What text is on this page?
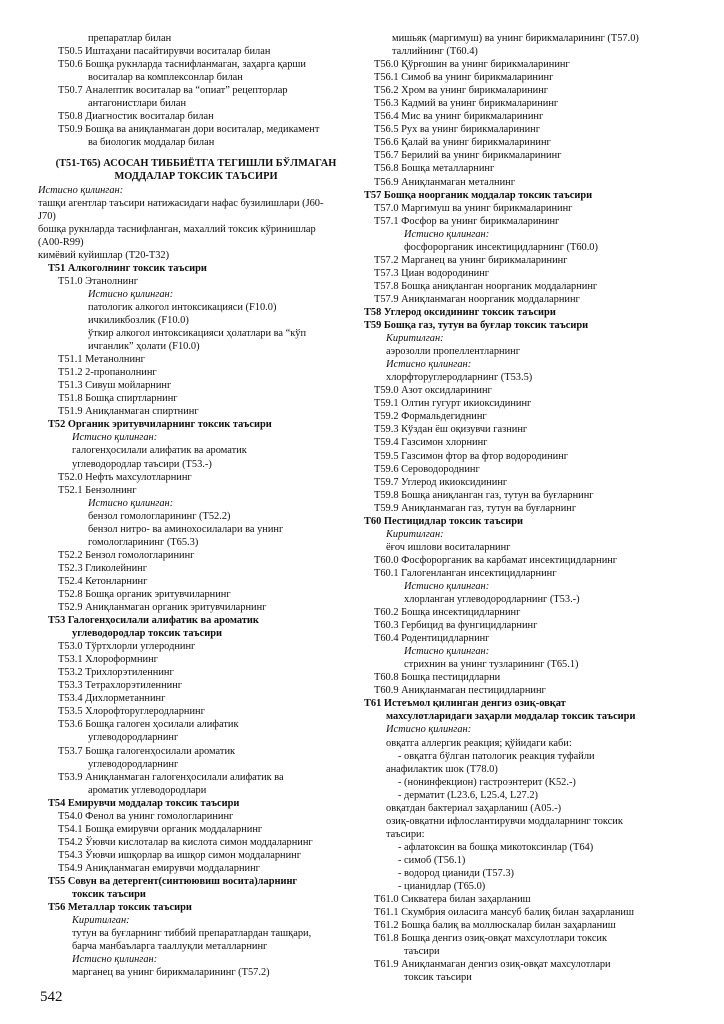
препаратлар билан
T50.5 Иштаҳани пасайтирувчи воситалар билан
T50.6 Бошқа рукнларда таснифланмаган, заҳарга қарши
воситалар ва комплексонлар билан
T50.7 Аналептик воситалар ва “опиат” рецепторлар
антагонистлари билан
T50.8 Диагностик воситалар билан
T50.9 Бошқа ва аниқланмаган дори воситалар, медикамент
ва биологик моддалар билан
(T51-T65) АСОСАН ТИББИЁТГА ТЕГИШЛИ БЎЛМАГАН
МОДДАЛАР ТОКСИК ТАЪСИРИ
Истисно қилинган:
ташқи агентлар таъсири натижасидаги нафас бузилишлари (J60-
J70)
бошқа рукнларда таснифланган, махаллий токсик кўринишлар
(A00-R99)
кимёвий куйишлар (T20-T32)
T51 Алкоголнинг токсик таъсири
T51.0 Этанолнинг
Истисно қилинган:
патологик алкогол интоксикацияси (F10.0)
ичкиликбозлик (F10.0)
ўткир алкогол интоксикацияси ҳолатлари ва “кўп
ичганлик” ҳолати (F10.0)
T51.1 Метанолнинг
T51.2 2-пропанолнинг
T51.3 Сивуш мойларнинг
T51.8 Бошқа спиртларнинг
T51.9 Аниқланмаган спиртнинг
T52 Органик эритувчиларнинг токсик таъсири
Истисно қилинган:
галогенҳосилали алифатик ва ароматик
углеводородлар таъсири (T53.-)
T52.0 Нефть махсулотларнинг
T52.1 Бензолнинг
Истисно қилинган:
бензол гомологларининг (T52.2)
бензол нитро- ва аминохосилалари ва унинг
гомологларининг (T65.3)
T52.2 Бензол гомологларининг
T52.3 Гликолейнинг
T52.4 Кетонларнинг
T52.8 Бошқа органик эритувчиларнинг
T52.9 Аниқланмаган органик эритувчиларнинг
T53 Галогенҳосилали алифатик ва ароматик
углеводородлар токсик таъсири
T53.0 Тўртхлорли углероднинг
T53.1 Хлороформнинг
T53.2 Трихлорэтиленнинг
T53.3 Тетрахлорэтиленнинг
T53.4 Дихлорметаннинг
T53.5 Хлорофторуглеродларнинг
T53.6 Бошқа галоген ҳосилали алифатик
углеводородларнинг
T53.7 Бошқа галогенҳосилали ароматик
углеводородларнинг
T53.9 Аниқланмаган галогенҳосилали алифатик ва
ароматик углеводородлари
T54 Емирувчи моддалар токсик таъсири
T54.0 Фенол ва унинг гомологларининг
T54.1 Бошқа емирувчи органик моддаларнинг
T54.2 Ўювчи кислоталар ва кислота симон моддаларнинг
T54.3 Ўювчи ишқорлар ва ишқор симон моддаларнинг
T54.9 Аниқланмаган емирувчи моддаларнинг
T55 Совун ва детергент(синтюювиш восита)ларнинг
токсик таъсири
T56 Металлар токсик таъсири
Киритилган:
тутун ва буғларнинг тиббий препаратлардан ташқари,
барча манбаъларга тааллуқли металларнинг
Истисно қилинган:
марганец ва унинг бирикмаларининг (T57.2)
мишьяк (маргимуш) ва унинг бирикмаларининг (T57.0)
таллийнинг (T60.4)
T56.0 Қўрғошин ва унинг бирикмаларининг
T56.1 Симоб ва унинг бирикмаларининг
T56.2 Хром ва унинг бирикмаларининг
T56.3 Кадмий ва унинг бирикмаларининг
T56.4 Мис ва унинг бирикмаларининг
T56.5 Рух ва унинг бирикмаларининг
T56.6 Қалай ва унинг бирикмаларининг
T56.7 Берилий ва унинг бирикмаларининг
T56.8 Бошқа металларнинг
T56.9 Аниқланмаган металнинг
T57 Бошқа ноорганик моддалар токсик таъсири
T57.0 Маргимуш ва унинг бирикмаларининг
T57.1 Фосфор ва унинг бирикмаларининг
Истисно қилинган:
фосфорорганик инсектицидларнинг (T60.0)
T57.2 Марганец ва унинг бирикмаларининг
T57.3 Циан водородининг
T57.8 Бошқа аниқланган ноорганик моддаларнинг
T57.9 Аниқланмаган ноорганик моддаларнинг
T58 Углерод оксидининг токсик таъсири
T59 Бошқа газ, тутун ва буғлар токсик таъсири
Киритилган:
аэрозолли пропеллентларнинг
Истисно қилинган:
хлорфторуглеродларнинг (T53.5)
T59.0 Азот оксидларининг
T59.1 Олтин гугурт икиоксидининг
T59.2 Формальдегиднинг
T59.3 Кўздан ёш оқизувчи газнинг
T59.4 Газсимон хлорнинг
T59.5 Газсимон фтор ва фтор водородининг
T59.6 Сероводороднинг
T59.7 Углерод икиоксидининг
T59.8 Бошқа аниқланган газ, тутун ва буғларнинг
T59.9 Аниқланмаган газ, тутун ва буғларнинг
T60 Пестицидлар токсик таъсири
Киритилган:
ёғоч ишлови воситаларнинг
T60.0 Фосфорорганик ва карбамат инсектицидларнинг
T60.1 Галогенланган инсектицидларнинг
Истисно қилинган:
хлорланган углеводородларнинг (T53.-)
T60.2 Бошқа инсектицидларнинг
T60.3 Гербицид ва фунгицидларнинг
T60.4 Родентицидларнинг
Истисно қилинган:
стрихнин ва унинг тузларининг (T65.1)
T60.8 Бошқа пестицидларни
T60.9 Аниқланмаган пестицидларнинг
T61 Истеъмол қилинган денгиз озиқ-овқат
махсулотларидаги заҳарли моддалар токсик таъсири
Истисно қилинган:
овқатга аллергик реакция; қўйидаги каби:
- овқатга бўлган патологик реакция туфайли
анафилактик шок (T78.0)
- (нонинфекцион) гастроэнтерит (K52.-)
- дерматит (L23.6, L25.4, L27.2)
овқатдан бактериал заҳарланиш (A05.-)
озиқ-овқатни ифлослантирувчи моддаларнинг токсик
таъсири:
- афлатоксин ва бошқа микотоксинлар (T64)
- симоб (T56.1)
- водород цианиди (T57.3)
- цианидлар (T65.0)
T61.0 Сикватера билан заҳарланиш
T61.1 Скумбрия оиласига мансуб балиқ билан заҳарланиш
T61.2 Бошқа балиқ ва моллюскалар билан заҳарланиш
T61.8 Бошқа денгиз озиқ-овқат махсулотлари токсик
таъсири
T61.9 Аниқланмаган денгиз озиқ-овқат махсулотлари
токсик таъсири
542
